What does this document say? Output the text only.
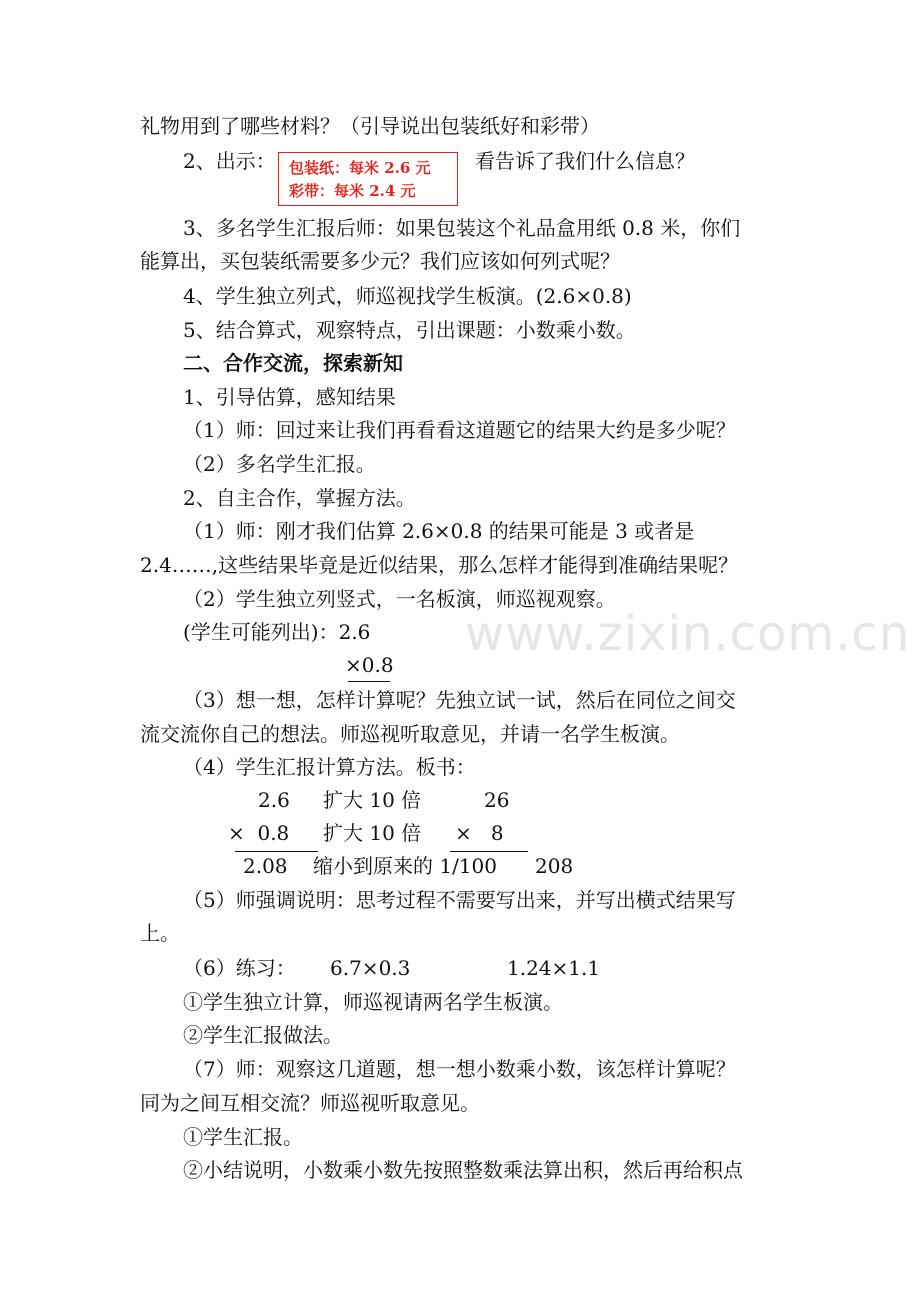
www.zixin.com.cn
礼物用到了哪些材料？（引导说出包装纸好和彩带）
2、出示： 包装纸：每米 2.6 元
彩带：每米 2.4 元
看告诉了我们什么信息？
3、多名学生汇报后师：如果包装这个礼品盒用纸 0.8 米，你们
能算出，买包装纸需要多少元？我们应该如何列式呢？
4、学生独立列式，师巡视找学生板演。(2.6×0.8)
5、结合算式，观察特点，引出课题：小数乘小数。
二、合作交流，探索新知
1、引导估算，感知结果
（1）师：回过来让我们再看看这道题它的结果大约是多少呢？
（2）多名学生汇报。
2、自主合作，掌握方法。
（1）师：刚才我们估算 2.6×0.8 的结果可能是 3 或者是
2.4……,这些结果毕竟是近似结果，那么怎样才能得到准确结果呢？
（2）学生独立列竖式，一名板演，师巡视观察。
(学生可能列出)：2.6
×0.8
（3）想一想，怎样计算呢？先独立试一试，然后在同位之间交
流交流你自己的想法。师巡视听取意见，并请一名学生板演。
（4）学生汇报计算方法。板书：
2.6 扩大 10 倍	26
×  0.8 扩大 10 倍 ×   8
2.08 缩小到原来的 1/100 208
（5）师强调说明：思考过程不需要写出来，并写出横式结果写
上。
（6）练习： 6.7×0.3	1.24×1.1
①学生独立计算，师巡视请两名学生板演。
②学生汇报做法。
（7）师：观察这几道题，想一想小数乘小数，该怎样计算呢？
同为之间互相交流？师巡视听取意见。
①学生汇报。
②小结说明，小数乘小数先按照整数乘法算出积，然后再给积点
